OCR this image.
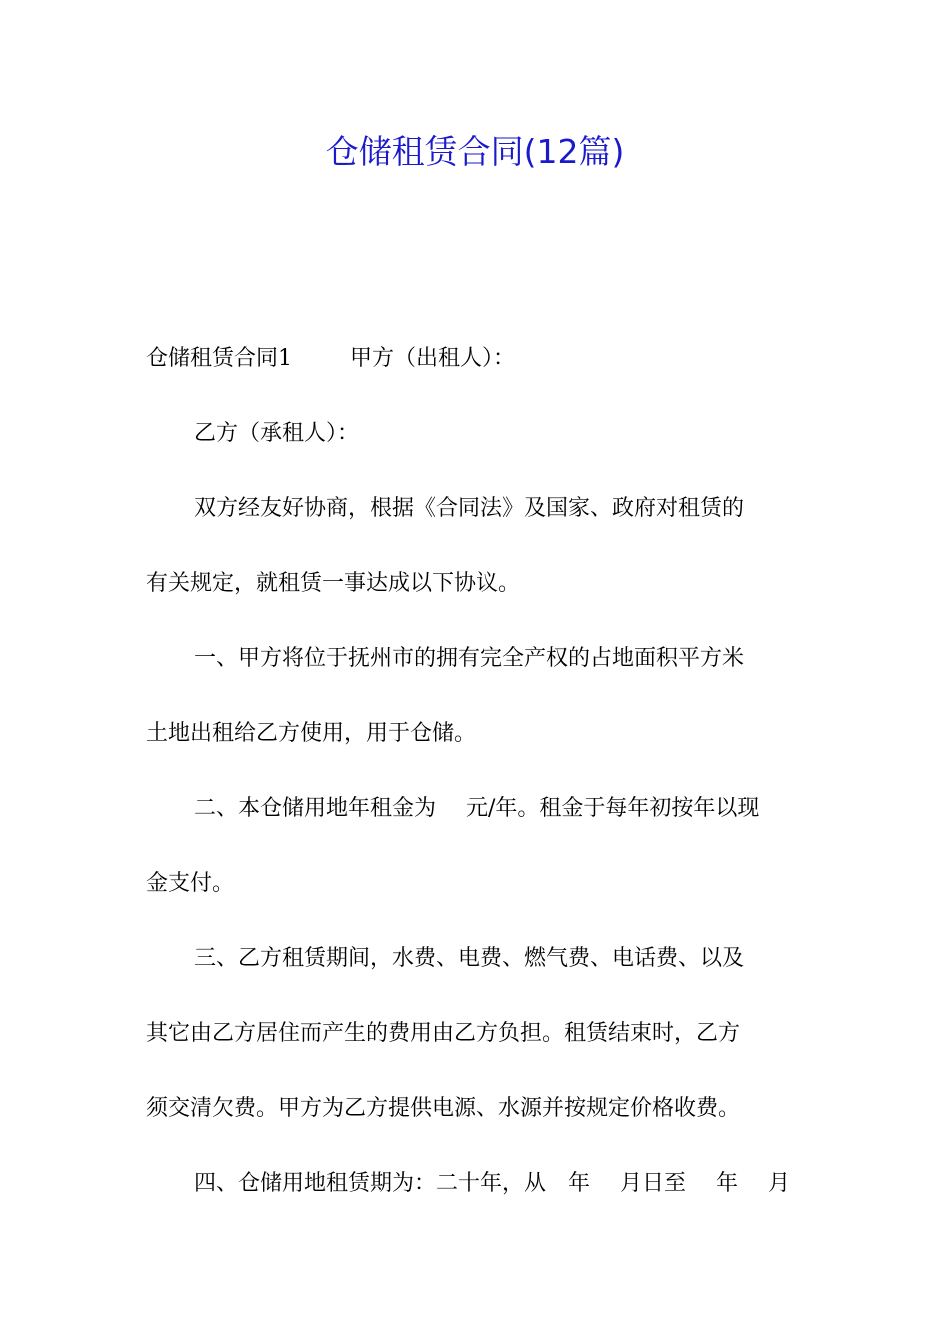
仓储租赁合同(12篇)

仓储租赁合同1	甲方（出租人）：

乙方（承租人）：

双方经友好协商，根据《合同法》及国家、政府对租赁的

有关规定，就租赁一事达成以下协议。

一、甲方将位于抚州市的拥有完全产权的占地面积平方米

土地出租给乙方使用，用于仓储。

二、本仓储用地年租金为 元/年。租金于每年初按年以现

金支付。

三、乙方租赁期间，水费、电费、燃气费、电话费、以及

其它由乙方居住而产生的费用由乙方负担。租赁结束时，乙方

须交清欠费。甲方为乙方提供电源、水源并按规定价格收费。

四、仓储用地租赁期为：二十年，从 年 月日至 年 月
